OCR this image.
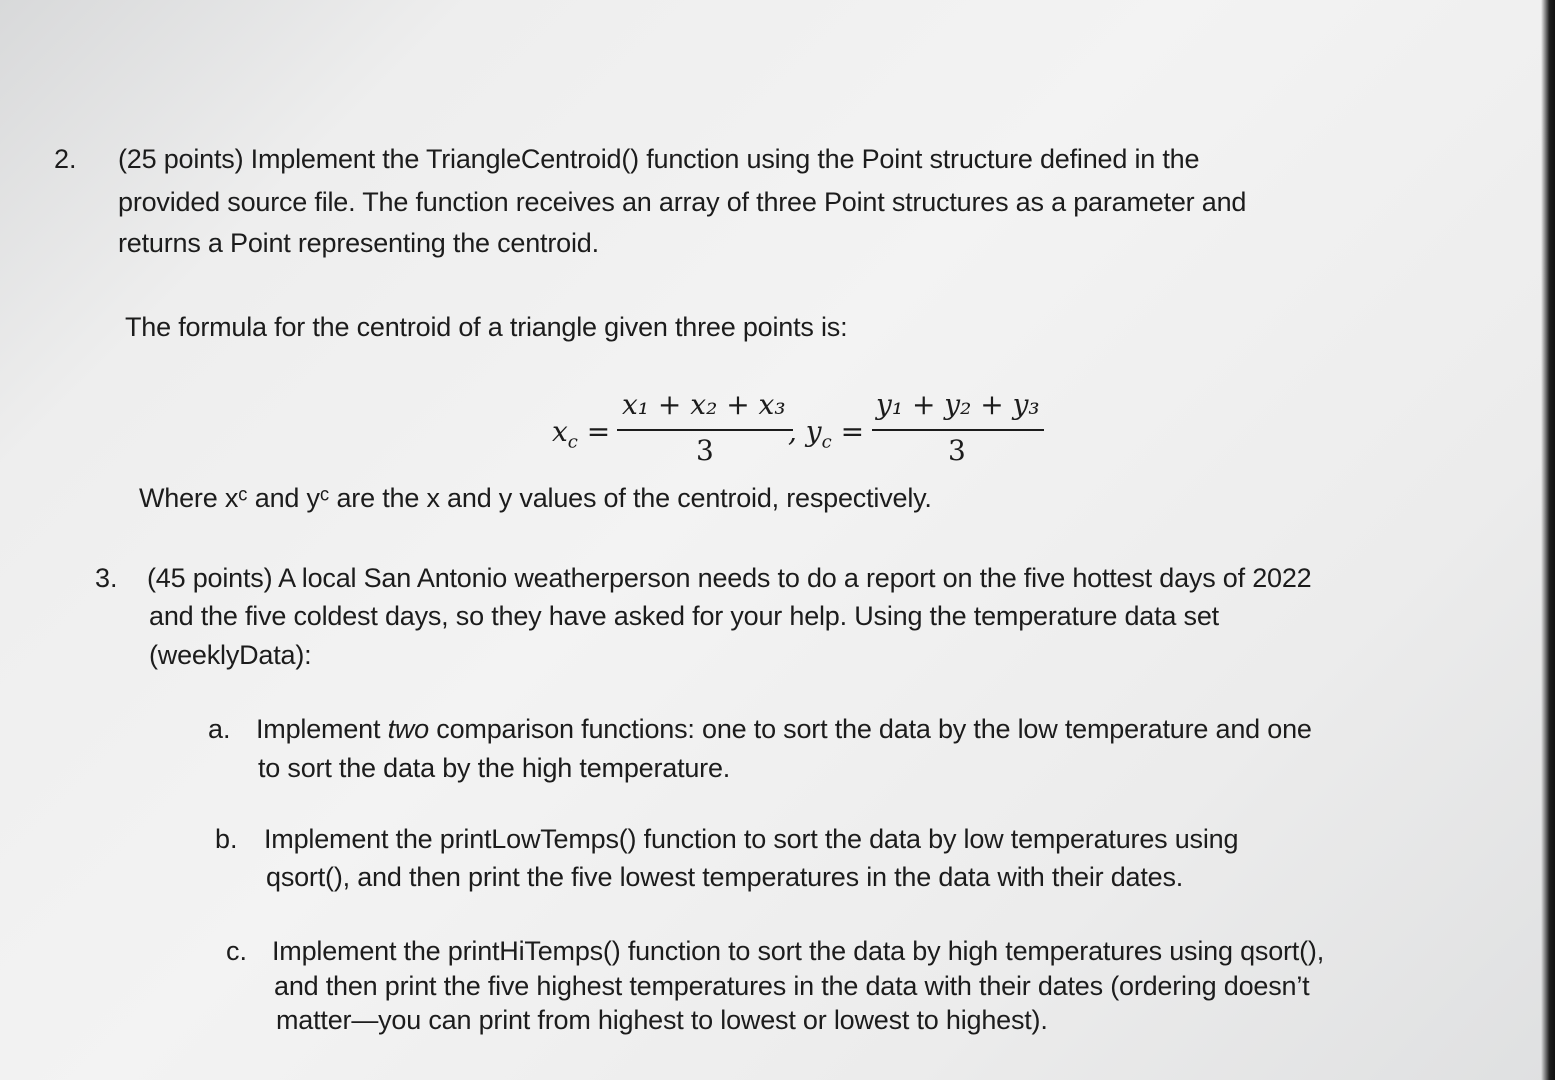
2. (25 points) Implement the TriangleCentroid() function using the Point structure defined in the
provided source file. The function receives an array of three Point structures as a parameter and
returns a Point representing the centroid.
The formula for the centroid of a triangle given three points is:
$x_c$ =
x₁ + x₂ + x₃
3
, $y_c$ =
y₁ + y₂ + y₃
3
Where xᶜ and yᶜ are the x and y values of the centroid, respectively.
3. (45 points) A local San Antonio weatherperson needs to do a report on the five hottest days of 2022
and the five coldest days, so they have asked for your help. Using the temperature data set
(weeklyData):
a. Implement two comparison functions: one to sort the data by the low temperature and one
to sort the data by the high temperature.
b. Implement the printLowTemps() function to sort the data by low temperatures using
qsort(), and then print the five lowest temperatures in the data with their dates.
c. Implement the printHiTemps() function to sort the data by high temperatures using qsort(),
and then print the five highest temperatures in the data with their dates (ordering doesn’t
matter—you can print from highest to lowest or lowest to highest).
